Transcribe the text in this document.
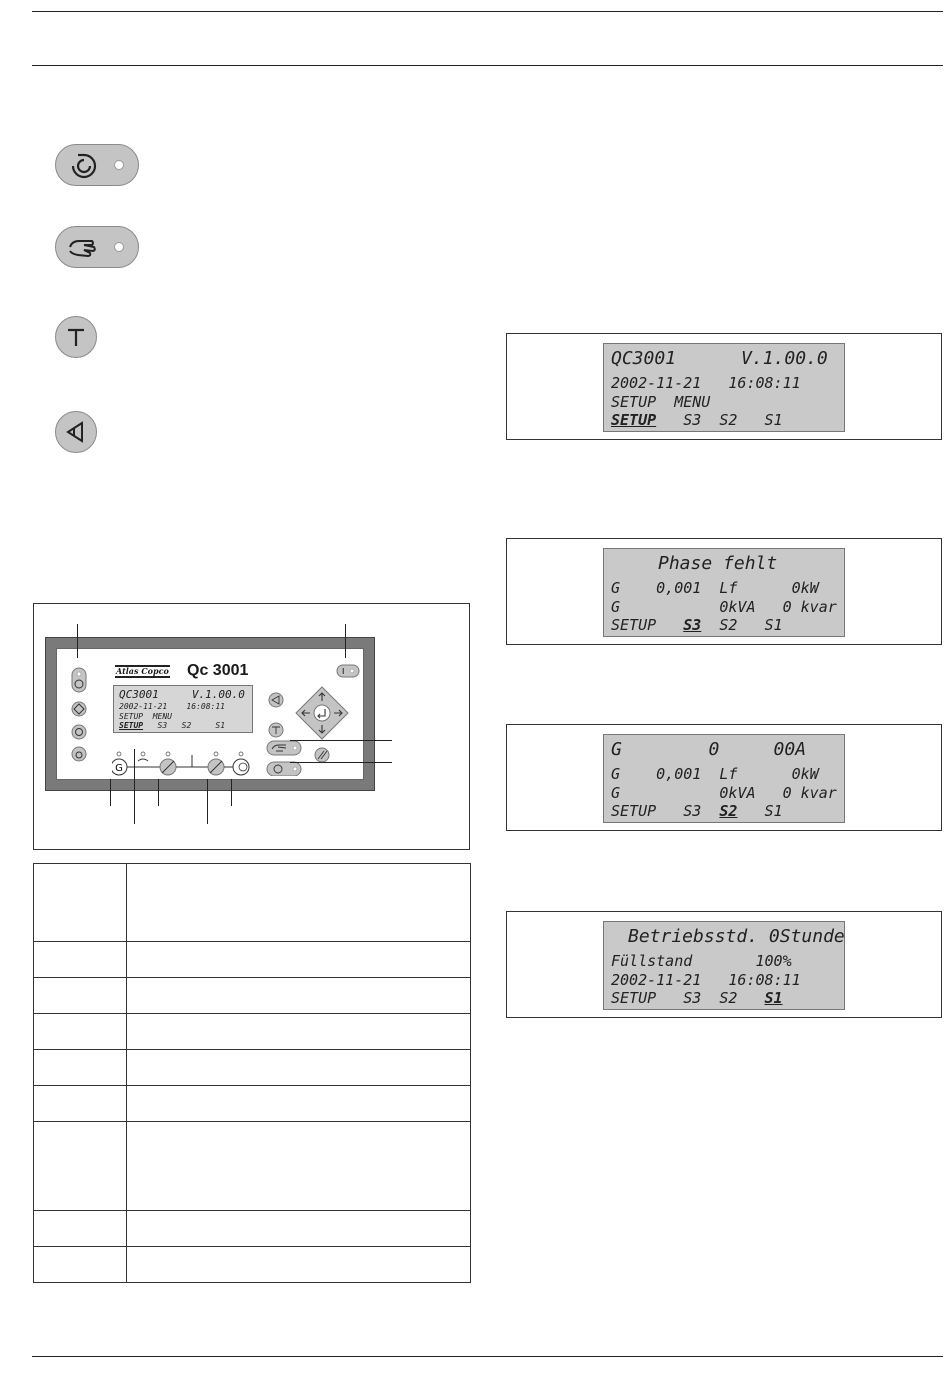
QC3001      V.1.00.0
2002-11-21   16:08:11
SETUP  MENU
SETUP S3 S2 S1
Phase fehlt
G    0,001  Lf      0kW
G           0kVA   0 kvar
SETUP S3 S2 S1
G        0     00A
G    0,001  Lf      0kW
G           0kVA   0 kvar
SETUP S3 S2 S1
Betriebsstd. 0Stunde
Füllstand       100%
2002-11-21   16:08:11
SETUP S3 S2 S1
Atlas Copco Qc 3001
QC3001     V.1.00.0
2002-11-21    16:08:11
SETUP  MENU
SETUP S3 S2	S1
G
I
